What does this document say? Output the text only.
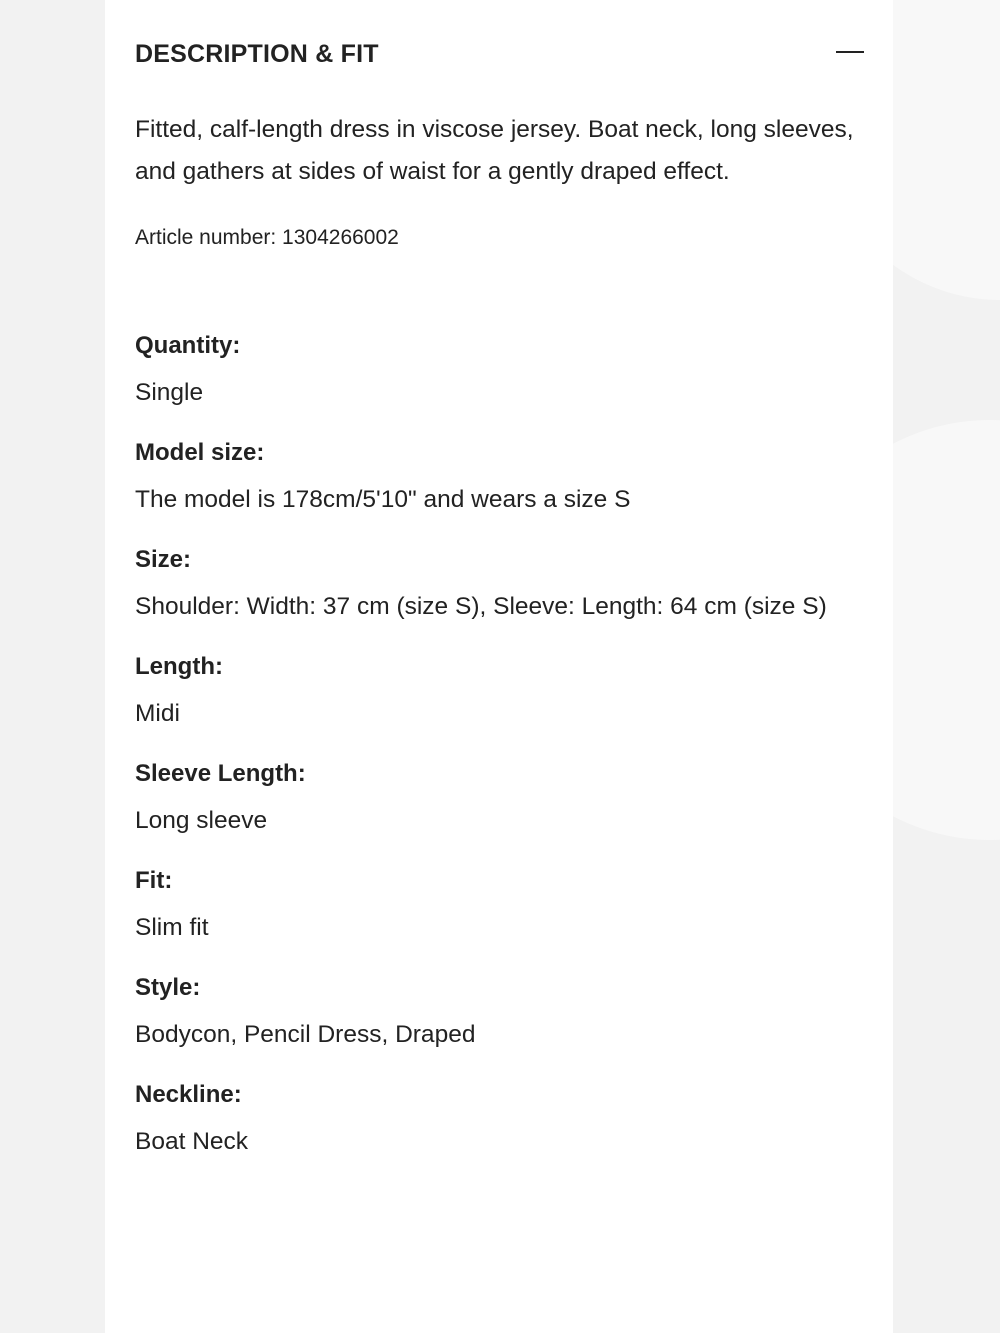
DESCRIPTION & FIT

Fitted, calf-length dress in viscose jersey. Boat neck, long sleeves, and gathers at sides of waist for a gently draped effect.

Article number: 1304266002
Quantity:
Single
Model size:
The model is 178cm/5'10" and wears a size S
Size:
Shoulder: Width: 37 cm (size S), Sleeve: Length: 64 cm (size S)
Length:
Midi
Sleeve Length:
Long sleeve
Fit:
Slim fit
Style:
Bodycon, Pencil Dress, Draped
Neckline:
Boat Neck
